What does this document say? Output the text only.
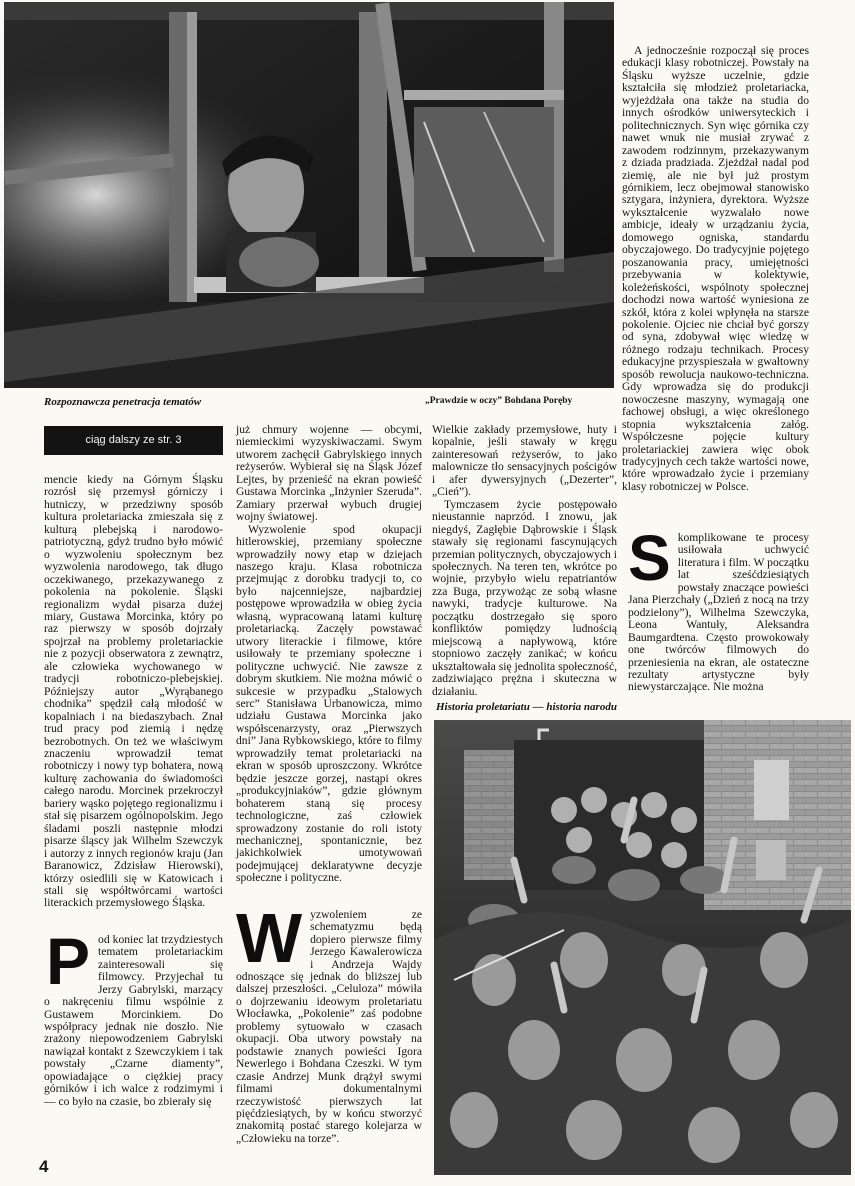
Rozpoznawcza penetracja tematów	„Prawdzie w oczy” Bohdana Poręby

A jednocześnie rozpoczął się proces edukacji klasy robotniczej. Powstały na Śląsku wyższe uczelnie, gdzie kształciła się młodzież proletariacka, wyjeżdżała ona także na studia do innych ośrodków uniwersyteckich i politechnicznych. Syn więc górnika czy nawet wnuk nie musiał zrywać z zawodem rodzinnym, przekazywanym z dziada pradziada. Zjeżdżał nadal pod ziemię, ale nie był już prostym górnikiem, lecz obejmował stanowisko sztygara, inżyniera, dyrektora. Wyższe wykształcenie wyzwalało nowe ambicje, ideały w urządzaniu życia, domowego ogniska, standardu obyczajowego. Do tradycyjnie pojętego poszanowania pracy, umiejętności przebywania w kolektywie, koleżeńskości, wspólnoty społecznej dochodzi nowa wartość wyniesiona ze szkół, która z kolei wpłynęła na starsze pokolenie. Ojciec nie chciał być gorszy od syna, zdobywał więc wiedzę w różnego rodzaju technikach. Procesy edukacyjne przyspieszała w gwałtowny sposób rewolucja naukowo-techniczna. Gdy wprowadza się do produkcji nowoczesne maszyny, wymagają one fachowej obsługi, a więc określonego stopnia wykształcenia załóg. Współczesne pojęcie kultury proletariackiej zawiera więc obok tradycyjnych cech także wartości nowe, które wprowadzało życie i przemiany klasy robotniczej w Polsce.

ciąg dalszy ze str. 3

mencie kiedy na Górnym Śląsku rozrósł się przemysł górniczy i hutniczy, w przedziwny sposób kultura proletariacka zmieszała się z kulturą plebejską i narodowo-patriotyczną, gdyż trudno było mówić o wyzwoleniu społecznym bez wyzwolenia narodowego, tak długo oczekiwanego, przekazywanego z pokolenia na pokolenie. Śląski regionalizm wydał pisarza dużej miary, Gustawa Morcinka, który po raz pierwszy w sposób dojrzały spojrzał na problemy proletariackie nie z pozycji obserwatora z zewnątrz, ale człowieka wychowanego w tradycji robotniczo-plebejskiej. Późniejszy autor „Wyrąbanego chodnika” spędził całą młodość w kopalniach i na biedaszybach. Znał trud pracy pod ziemią i nędzę bezrobotnych. On też we właściwym znaczeniu wprowadził temat robotniczy i nowy typ bohatera, nową kulturę zachowania do świadomości całego narodu. Morcinek przekroczył bariery wąsko pojętego regionalizmu i stał się pisarzem ogólnopolskim. Jego śladami poszli następnie młodzi pisarze śląscy jak Wilhelm Szewczyk i autorzy z innych regionów kraju (Jan Baranowicz, Zdzisław Hierowski), którzy osiedlili się w Katowicach i stali się współtwórcami wartości literackich przemysłowego Śląska.

P od koniec lat trzydziestych tematem proletariackim zainteresowali się filmowcy. Przyjechał tu Jerzy Gabrylski, marzący o nakręceniu filmu wspólnie z Gustawem Morcinkiem. Do współpracy jednak nie doszło. Nie zrażony niepowodzeniem Gabrylski nawiązał kontakt z Szewczykiem i tak powstały „Czarne diamenty”, opowiadające o ciężkiej pracy górników i ich walce z rodzimymi i — co było na czasie, bo zbierały się

już chmury wojenne — obcymi, niemieckimi wyzyskiwaczami. Swym utworem zachęcił Gabrylskiego innych reżyserów. Wybierał się na Śląsk Józef Lejtes, by przenieść na ekran powieść Gustawa Morcinka „Inżynier Szeruda”. Zamiary przerwał wybuch drugiej wojny światowej.

Wyzwolenie spod okupacji hitlerowskiej, przemiany społeczne wprowadziły nowy etap w dziejach naszego kraju. Klasa robotnicza przejmując z dorobku tradycji to, co było najcenniejsze, najbardziej postępowe wprowadziła w obieg życia własną, wypracowaną latami kulturę proletariacką. Zaczęły powstawać utwory literackie i filmowe, które usiłowały te przemiany społeczne i polityczne uchwycić. Nie zawsze z dobrym skutkiem. Nie można mówić o sukcesie w przypadku „Stalowych serc” Stanisława Urbanowicza, mimo udziału Gustawa Morcinka jako współscenarzysty, oraz „Pierwszych dni” Jana Rybkowskiego, które to filmy wprowadziły temat proletariacki na ekran w sposób uproszczony. Wkrótce będzie jeszcze gorzej, nastąpi okres „produkcyjniaków”, gdzie głównym bohaterem staną się procesy technologiczne, zaś człowiek sprowadzony zostanie do roli istoty mechanicznej, spontanicznie, bez jakichkolwiek umotywowań podejmującej deklaratywne decyzje społeczne i polityczne.

W yzwoleniem ze schematyzmu będą dopiero pierwsze filmy Jerzego Kawalerowicza i Andrzeja Wajdy odnoszące się jednak do bliższej lub dalszej przeszłości. „Celuloza” mówiła o dojrzewaniu ideowym proletariatu Włocławka, „Pokolenie” zaś podobne problemy sytuowało w czasach okupacji. Oba utwory powstały na podstawie znanych powieści Igora Newerlego i Bohdana Czeszki. W tym czasie Andrzej Munk drążył swymi filmami dokumentalnymi rzeczywistość pierwszych lat pięćdziesiątych, by w końcu stworzyć znakomitą postać starego kolejarza w „Człowieku na torze”.

Wielkie zakłady przemysłowe, huty i kopalnie, jeśli stawały w kręgu zainteresowań reżyserów, to jako malownicze tło sensacyjnych pościgów i afer dywersyjnych („Dezerter”, „Cień”).

Tymczasem życie postępowało nieustannie naprzód. I znowu, jak niegdyś, Zagłębie Dąbrowskie i Śląsk stawały się regionami fascynujących przemian politycznych, obyczajowych i społecznych. Na teren ten, wkrótce po wojnie, przybyło wielu repatriantów zza Buga, przywożąc ze sobą własne nawyki, tradycje kulturowe. Na początku dostrzegało się sporo konfliktów pomiędzy ludnością miejscową a napływową, które stopniowo zaczęły zanikać; w końcu ukształtowała się jednolita społeczność, zadziwiająco prężna i skuteczna w działaniu.

S komplikowane te procesy usiłowała uchwycić literatura i film. W początku lat sześćdziesiątych powstały znaczące powieści Jana Pierzchały („Dzień z nocą na trzy podzielony”), Wilhelma Szewczyka, Leona Wantuły, Aleksandra Baumgardtena. Często prowokowały one twórców filmowych do przeniesienia na ekran, ale ostateczne rezultaty artystyczne były niewystarczające. Nie można

Historia proletariatu — historia narodu
4
